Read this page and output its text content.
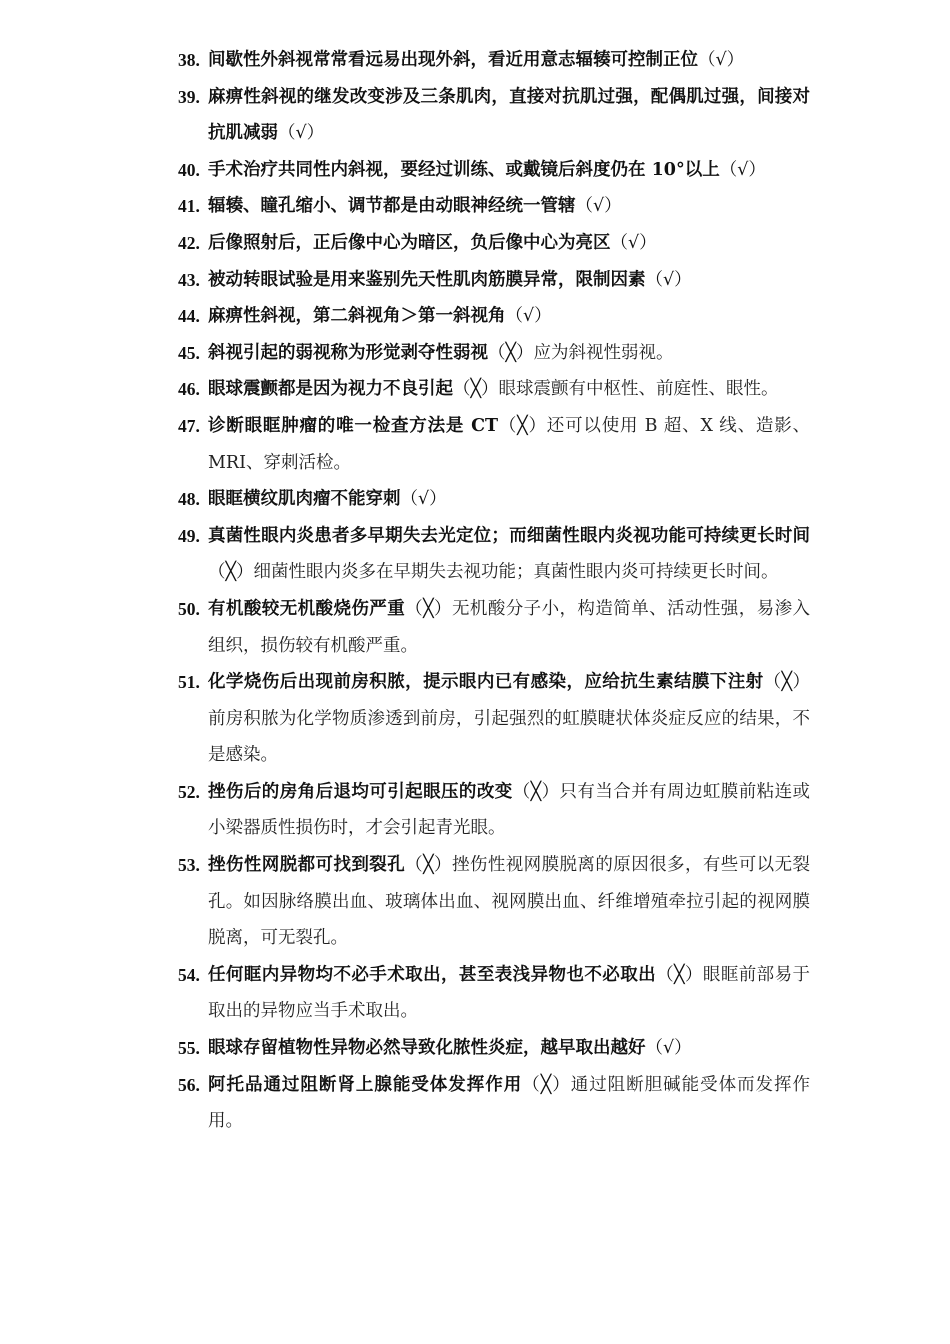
38. 间歇性外斜视常常看远易出现外斜，看近用意志辐辏可控制正位（√）
39. 麻痹性斜视的继发改变涉及三条肌肉，直接对抗肌过强，配偶肌过强，间接对抗肌减弱（√）
40. 手术治疗共同性内斜视，要经过训练、或戴镜后斜度仍在 10°以上（√）
41. 辐辏、瞳孔缩小、调节都是由动眼神经统一管辖（√）
42. 后像照射后，正后像中心为暗区，负后像中心为亮区（√）
43. 被动转眼试验是用来鉴别先天性肌肉筋膜异常，限制因素（√）
44. 麻痹性斜视，第二斜视角＞第一斜视角（√）
45. 斜视引起的弱视称为形觉剥夺性弱视（╳）应为斜视性弱视。
46. 眼球震颤都是因为视力不良引起（╳）眼球震颤有中枢性、前庭性、眼性。
47. 诊断眼眶肿瘤的唯一检查方法是 CT（╳）还可以使用 B 超、X 线、造影、MRI、穿刺活检。
48. 眼眶横纹肌肉瘤不能穿刺（√）
49. 真菌性眼内炎患者多早期失去光定位；而细菌性眼内炎视功能可持续更长时间（╳）细菌性眼内炎多在早期失去视功能；真菌性眼内炎可持续更长时间。
50. 有机酸较无机酸烧伤严重（╳）无机酸分子小，构造简单、活动性强，易渗入组织，损伤较有机酸严重。
51. 化学烧伤后出现前房积脓，提示眼内已有感染，应给抗生素结膜下注射（╳）前房积脓为化学物质渗透到前房，引起强烈的虹膜睫状体炎症反应的结果，不是感染。
52. 挫伤后的房角后退均可引起眼压的改变（╳）只有当合并有周边虹膜前粘连或小梁器质性损伤时，才会引起青光眼。
53. 挫伤性网脱都可找到裂孔（╳）挫伤性视网膜脱离的原因很多，有些可以无裂孔。如因脉络膜出血、玻璃体出血、视网膜出血、纤维增殖牵拉引起的视网膜脱离，可无裂孔。
54. 任何眶内异物均不必手术取出，甚至表浅异物也不必取出（╳）眼眶前部易于取出的异物应当手术取出。
55. 眼球存留植物性异物必然导致化脓性炎症，越早取出越好（√）
56. 阿托品通过阻断肾上腺能受体发挥作用（╳）通过阻断胆碱能受体而发挥作用。
